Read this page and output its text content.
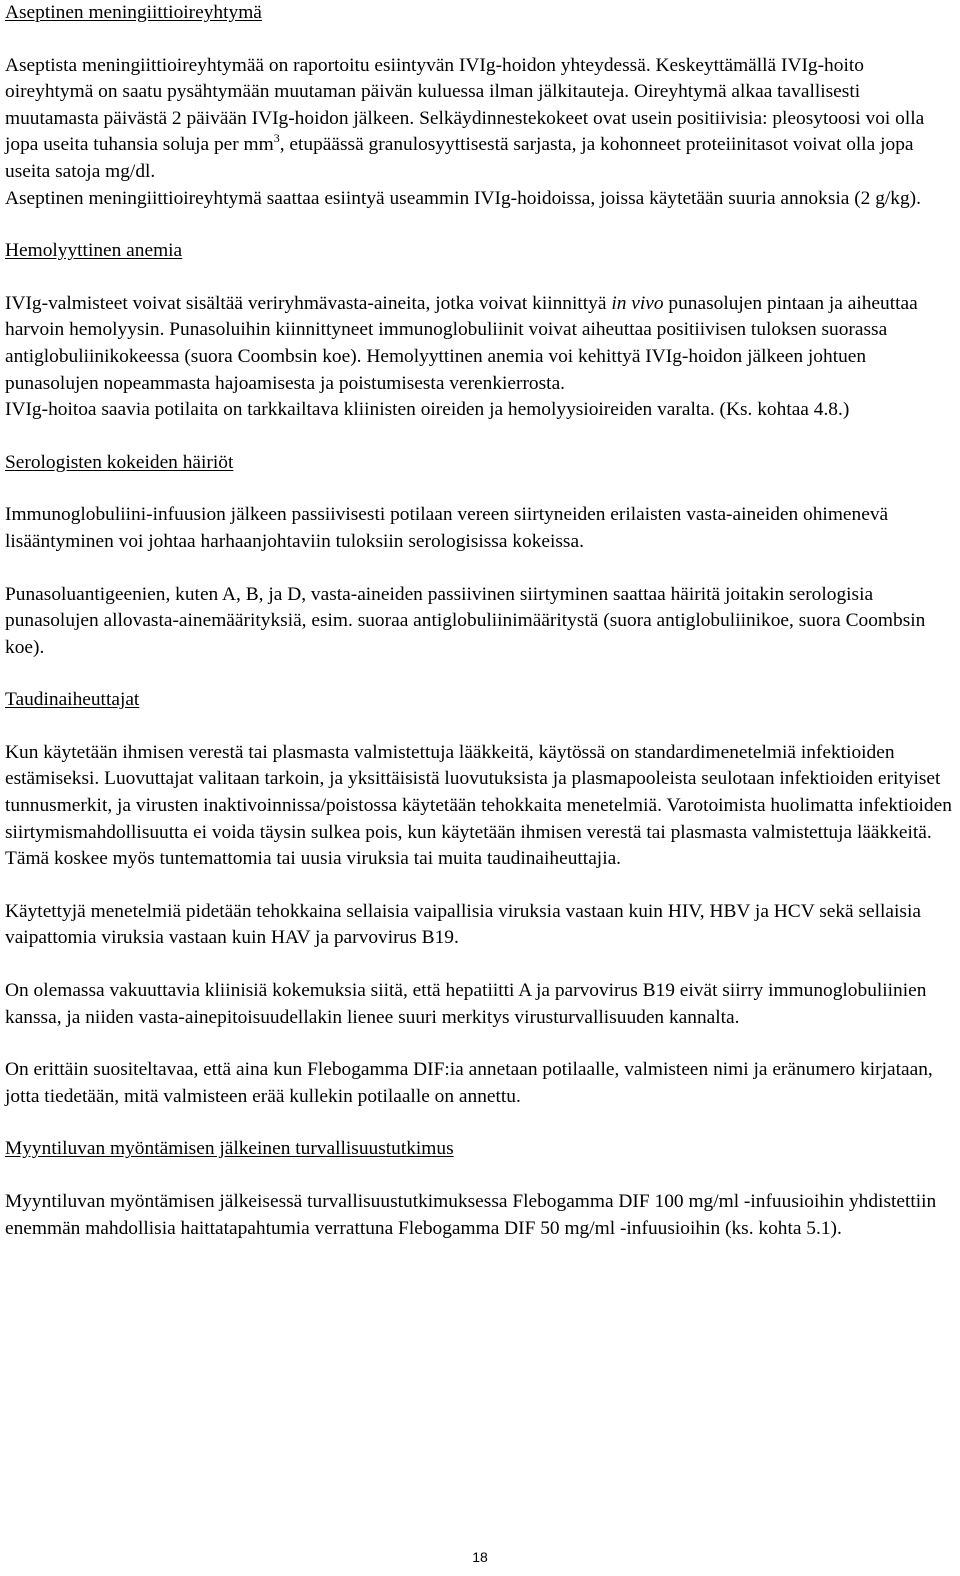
Aseptinen meningiittioireyhtymä

Aseptista meningiittioireyhtymää on raportoitu esiintyvän IVIg-hoidon yhteydessä. Keskeyttämällä IVIg-hoito oireyhtymä on saatu pysähtymään muutaman päivän kuluessa ilman jälkitauteja. Oireyhtymä alkaa tavallisesti muutamasta päivästä 2 päivään IVIg-hoidon jälkeen. Selkäydinnestekokeet ovat usein positiivisia: pleosytoosi voi olla jopa useita tuhansia soluja per $mm^3$, etupäässä granulosyyttisestä sarjasta, ja kohonneet proteiinitasot voivat olla jopa useita satoja mg/dl.

Aseptinen meningiittioireyhtymä saattaa esiintyä useammin IVIg-hoidoissa, joissa käytetään suuria annoksia (2 g/kg).

Hemolyyttinen anemia

IVIg-valmisteet voivat sisältää veriryhmävasta-aineita, jotka voivat kiinnittyä in vivo punasolujen pintaan ja aiheuttaa harvoin hemolyysin. Punasoluihin kiinnittyneet immunoglobuliinit voivat aiheuttaa positiivisen tuloksen suorassa antiglobuliinikokeessa (suora Coombsin koe). Hemolyyttinen anemia voi kehittyä IVIg-hoidon jälkeen johtuen punasolujen nopeammasta hajoamisesta ja poistumisesta verenkierrosta.

IVIg-hoitoa saavia potilaita on tarkkailtava kliinisten oireiden ja hemolyysioireiden varalta. (Ks. kohtaa 4.8.)

Serologisten kokeiden häiriöt

Immunoglobuliini-infuusion jälkeen passiivisesti potilaan vereen siirtyneiden erilaisten vasta-aineiden ohimenevä lisääntyminen voi johtaa harhaanjohtaviin tuloksiin serologisissa kokeissa.

Punasoluantigeenien, kuten A, B, ja D, vasta-aineiden passiivinen siirtyminen saattaa häiritä joitakin serologisia punasolujen allovasta-ainemäärityksiä, esim. suoraa antiglobuliinimääritystä (suora antiglobuliinikoe, suora Coombsin koe).

Taudinaiheuttajat

Kun käytetään ihmisen verestä tai plasmasta valmistettuja lääkkeitä, käytössä on standardimenetelmiä infektioiden estämiseksi. Luovuttajat valitaan tarkoin, ja yksittäisistä luovutuksista ja plasmapooleista seulotaan infektioiden erityiset tunnusmerkit, ja virusten inaktivoinnissa/poistossa käytetään tehokkaita menetelmiä. Varotoimista huolimatta infektioiden siirtymismahdollisuutta ei voida täysin sulkea pois, kun käytetään ihmisen verestä tai plasmasta valmistettuja lääkkeitä. Tämä koskee myös tuntemattomia tai uusia viruksia tai muita taudinaiheuttajia.

Käytettyjä menetelmiä pidetään tehokkaina sellaisia vaipallisia viruksia vastaan kuin HIV, HBV ja HCV sekä sellaisia vaipattomia viruksia vastaan kuin HAV ja parvovirus B19.

On olemassa vakuuttavia kliinisiä kokemuksia siitä, että hepatiitti A ja parvovirus B19 eivät siirry immunoglobuliinien kanssa, ja niiden vasta-ainepitoisuudellakin lienee suuri merkitys virusturvallisuuden kannalta.

On erittäin suositeltavaa, että aina kun Flebogamma DIF:ia annetaan potilaalle, valmisteen nimi ja eränumero kirjataan, jotta tiedetään, mitä valmisteen erää kullekin potilaalle on annettu.

Myyntiluvan myöntämisen jälkeinen turvallisuustutkimus

Myyntiluvan myöntämisen jälkeisessä turvallisuustutkimuksessa Flebogamma DIF 100 mg/ml -infuusioihin yhdistettiin enemmän mahdollisia haittatapahtumia verrattuna Flebogamma DIF 50 mg/ml -infuusioihin (ks. kohta 5.1).

18
